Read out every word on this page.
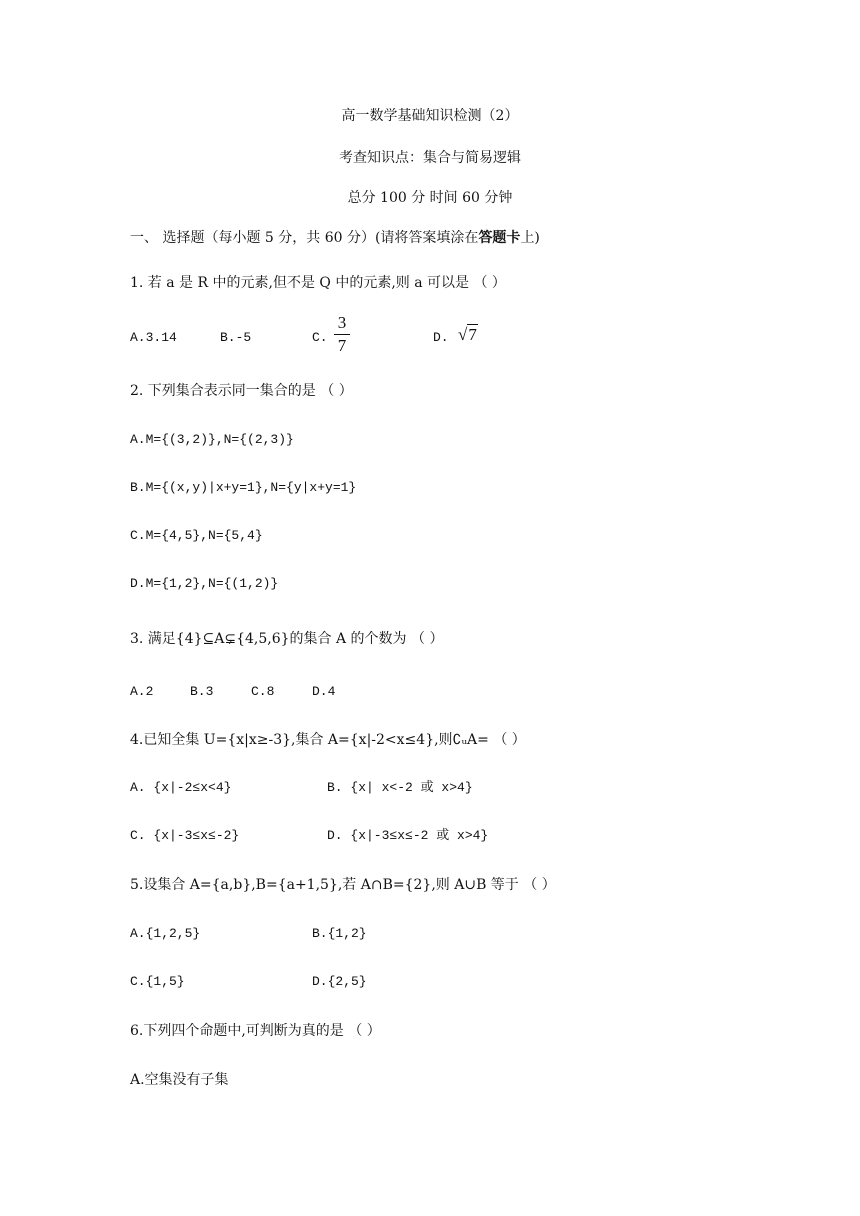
高一数学基础知识检测（2）
考查知识点：集合与简易逻辑
总分 100 分 时间 60 分钟
一、 选择题（每小题 5 分，共 60 分）(请将答案填涂在答题卡上)
1. 若 a 是 R 中的元素,但不是 Q 中的元素,则 a 可以是 （ ）
A.3.14	B.-5	C.
3
7	D. √7
2. 下列集合表示同一集合的是 （ ）
A.M={(3,2)},N={(2,3)}
B.M={(x,y)|x+y=1},N={y|x+y=1}
C.M={4,5},N={5,4}
D.M={1,2},N={(1,2)}
3. 满足{4}⊆A⊊{4,5,6}的集合 A 的个数为 （ ）
A.2	B.3	C.8	D.4
4.已知全集 U={x|x≥-3},集合 A={x|-2<x≤4},则∁ᵤA= （ ）
A. {x|-2≤x<4}	B. {x| x<-2 或 x>4}
C. {x|-3≤x≤-2}	D. {x|-3≤x≤-2 或 x>4}
5.设集合 A={a,b},B={a+1,5},若 A∩B={2},则 A∪B 等于 （ ）
A.{1,2,5}	B.{1,2}
C.{1,5}	D.{2,5}
6.下列四个命题中,可判断为真的是 （ ）
A.空集没有子集
